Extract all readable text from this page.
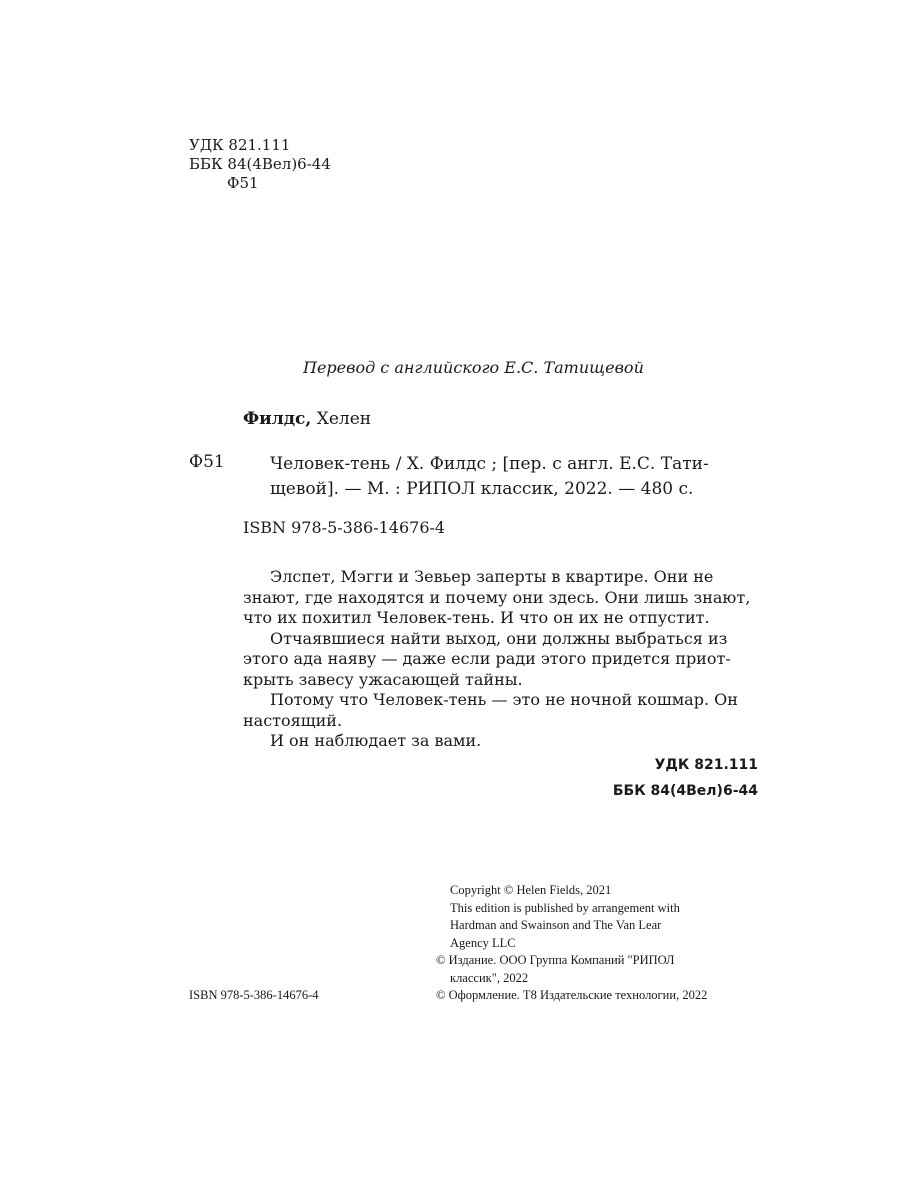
УДК 821.111
ББК 84(4Вел)6-44
Ф51

Перевод с английского Е.С. Татищевой

Филдс, Хелен

Ф51	Человек-тень / Х. Филдс ; [пер. с англ. Е.С. Тати-
щевой]. — М. : РИПОЛ классик, 2022. — 480 с.

ISBN 978-5-386-14676-4

Элспет, Мэгги и Зевьер заперты в квартире. Они не
знают, где находятся и почему они здесь. Они лишь знают,
что их похитил Человек-тень. И что он их не отпустит.
Отчаявшиеся найти выход, они должны выбраться из
этого ада наяву — даже если ради этого придется приот-
крыть завесу ужасающей тайны.
Потому что Человек-тень — это не ночной кошмар. Он
настоящий.
И он наблюдает за вами.
УДК 821.111
ББК 84(4Вел)6-44
Copyright © Helen Fields, 2021
This edition is published by arrangement with
Hardman and Swainson and The Van Lear
Agency LLC
© Издание. ООО Группа Компаний "РИПОЛ
классик", 2022
© Оформление. Т8 Издательские технологии, 2022

ISBN 978-5-386-14676-4
